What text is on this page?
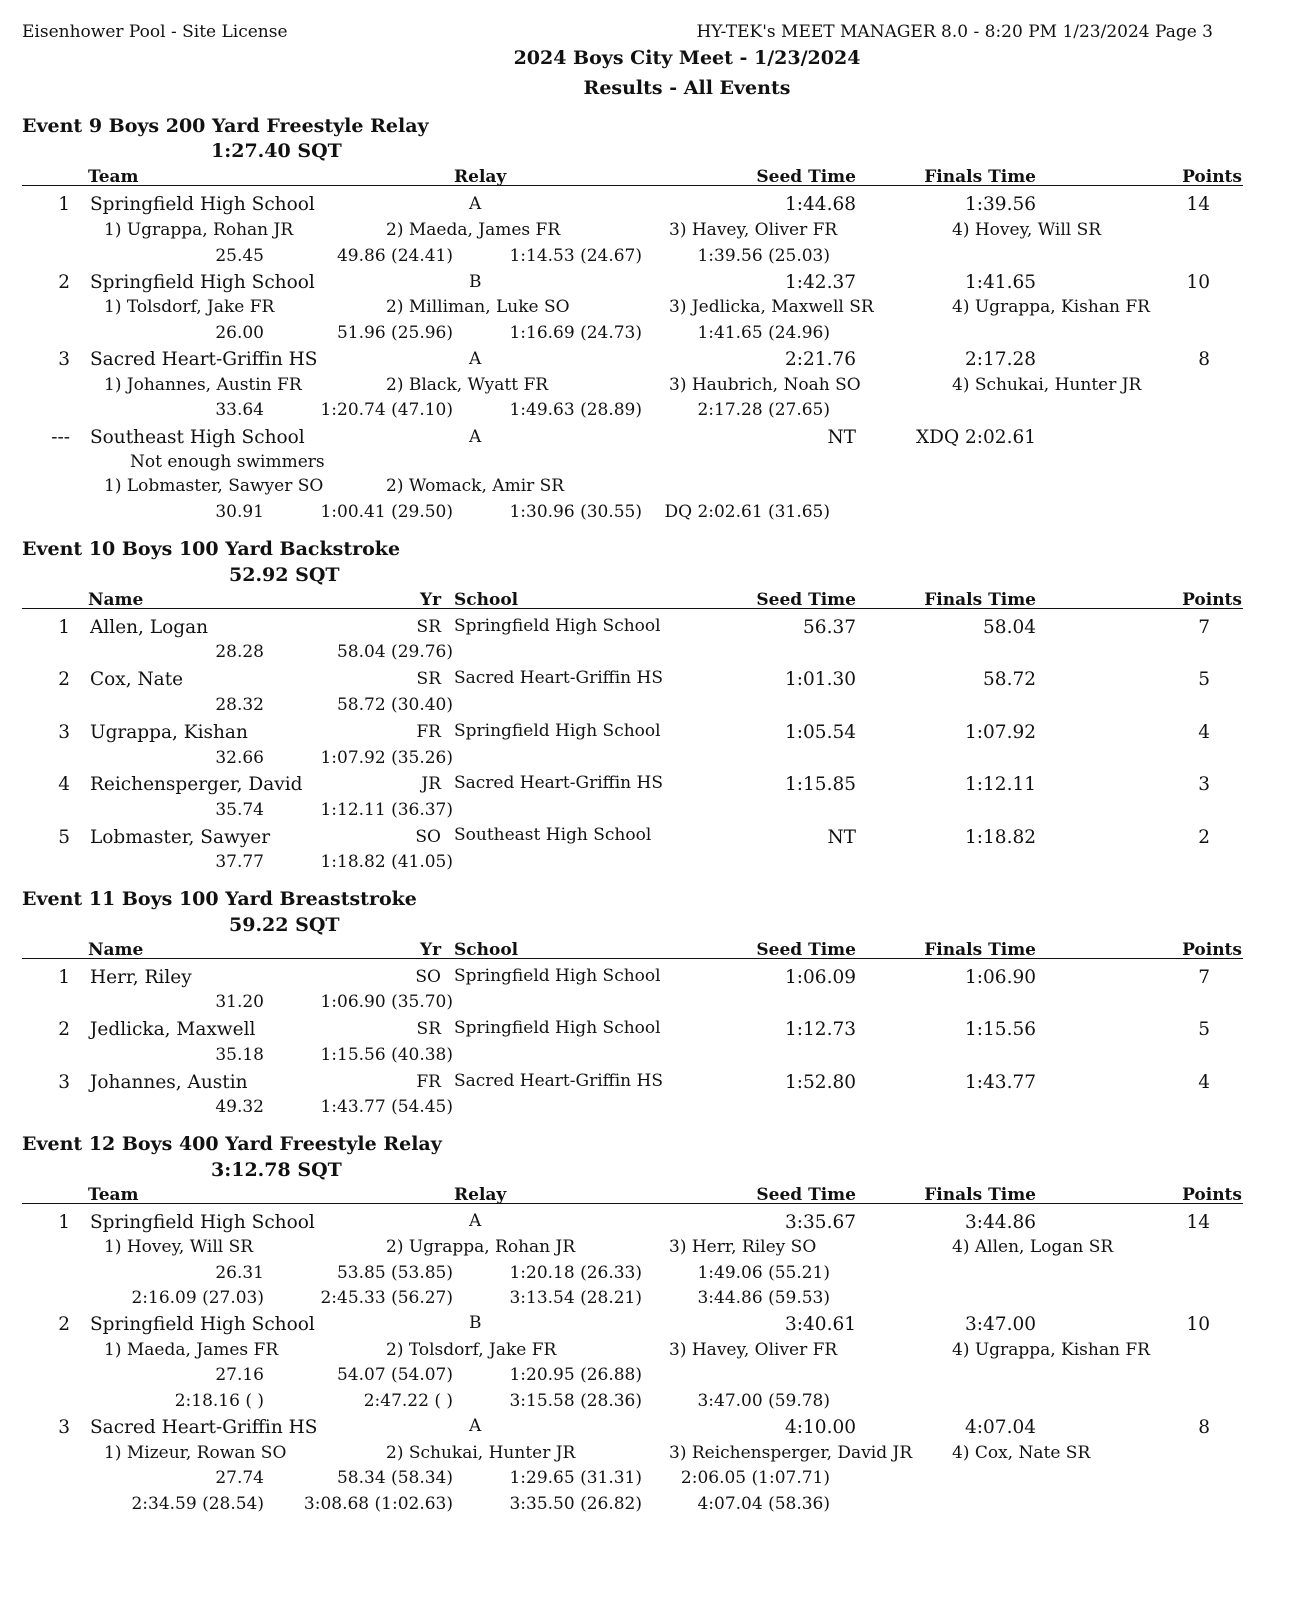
Eisenhower Pool - Site License	HY-TEK's MEET MANAGER 8.0 - 8:20 PM 1/23/2024 Page 3
2024 Boys City Meet - 1/23/2024
Results - All Events
Event 9 Boys 200 Yard Freestyle Relay
1:27.40 SQT
Team	Relay	Seed Time	Finals Time	Points
1 Springfield High School	A	1:44.68	1:39.56	14
1) Ugrappa, Rohan JR	2) Maeda, James FR	3) Havey, Oliver FR	4) Hovey, Will SR
25.45	49.86 (24.41)	1:14.53 (24.67)	1:39.56 (25.03)
2 Springfield High School	B	1:42.37	1:41.65	10
1) Tolsdorf, Jake FR	2) Milliman, Luke SO	3) Jedlicka, Maxwell SR	4) Ugrappa, Kishan FR
26.00	51.96 (25.96)	1:16.69 (24.73)	1:41.65 (24.96)
3 Sacred Heart-Griffin HS	A	2:21.76	2:17.28	8
1) Johannes, Austin FR	2) Black, Wyatt FR	3) Haubrich, Noah SO	4) Schukai, Hunter JR
33.64	1:20.74 (47.10)	1:49.63 (28.89)	2:17.28 (27.65)
--- Southeast High School	A	NT	XDQ 2:02.61
Not enough swimmers
1) Lobmaster, Sawyer SO	2) Womack, Amir SR
30.91	1:00.41 (29.50)	1:30.96 (30.55) DQ 2:02.61 (31.65)
Event 10 Boys 100 Yard Backstroke
52.92 SQT
Name	Yr School	Seed Time	Finals Time	Points
1 Allen, Logan	SR Springfield High School	56.37	58.04	7
28.28	58.04 (29.76)
2 Cox, Nate	SR Sacred Heart-Griffin HS	1:01.30	58.72	5
28.32	58.72 (30.40)
3 Ugrappa, Kishan	FR Springfield High School	1:05.54	1:07.92	4
32.66	1:07.92 (35.26)
4 Reichensperger, David	JR Sacred Heart-Griffin HS	1:15.85	1:12.11	3
35.74	1:12.11 (36.37)
5 Lobmaster, Sawyer	SO Southeast High School	NT	1:18.82	2
37.77	1:18.82 (41.05)
Event 11 Boys 100 Yard Breaststroke
59.22 SQT
Name	Yr School	Seed Time	Finals Time	Points
1 Herr, Riley	SO Springfield High School	1:06.09	1:06.90	7
31.20	1:06.90 (35.70)
2 Jedlicka, Maxwell	SR Springfield High School	1:12.73	1:15.56	5
35.18	1:15.56 (40.38)
3 Johannes, Austin	FR Sacred Heart-Griffin HS	1:52.80	1:43.77	4
49.32	1:43.77 (54.45)
Event 12 Boys 400 Yard Freestyle Relay
3:12.78 SQT
Team	Relay	Seed Time	Finals Time	Points
1 Springfield High School	A	3:35.67	3:44.86	14
1) Hovey, Will SR	2) Ugrappa, Rohan JR	3) Herr, Riley SO	4) Allen, Logan SR
26.31	53.85 (53.85)	1:20.18 (26.33)	1:49.06 (55.21)
2:16.09 (27.03)	2:45.33 (56.27)	3:13.54 (28.21)	3:44.86 (59.53)
2 Springfield High School	B	3:40.61	3:47.00	10
1) Maeda, James FR	2) Tolsdorf, Jake FR	3) Havey, Oliver FR	4) Ugrappa, Kishan FR
27.16	54.07 (54.07)	1:20.95 (26.88)
2:18.16 ( )	2:47.22 ( )	3:15.58 (28.36)	3:47.00 (59.78)
3 Sacred Heart-Griffin HS	A	4:10.00	4:07.04	8
1) Mizeur, Rowan SO	2) Schukai, Hunter JR	3) Reichensperger, David JR 4) Cox, Nate SR
27.74	58.34 (58.34)	1:29.65 (31.31) 2:06.05 (1:07.71)
2:34.59 (28.54) 3:08.68 (1:02.63)	3:35.50 (26.82)	4:07.04 (58.36)
